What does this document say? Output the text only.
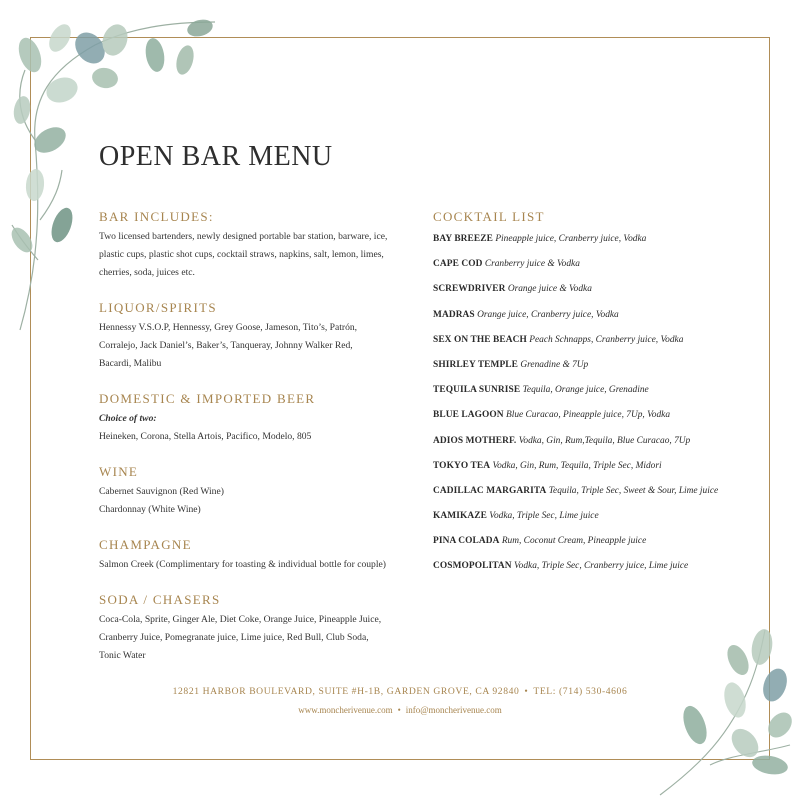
OPEN BAR MENU
BAR INCLUDES:
Two licensed bartenders, newly designed portable bar station, barware, ice,
plastic cups, plastic shot cups, cocktail straws, napkins, salt, lemon, limes,
cherries, soda, juices etc.
LIQUOR/SPIRITS
Hennessy V.S.O.P, Hennessy, Grey Goose, Jameson, Tito’s, Patrón,
Corralejo, Jack Daniel’s, Baker’s, Tanqueray, Johnny Walker Red,
Bacardi, Malibu
DOMESTIC & IMPORTED BEER
Choice of two:
Heineken, Corona, Stella Artois, Pacifico, Modelo, 805
WINE
Cabernet Sauvignon (Red Wine)
Chardonnay (White Wine)
CHAMPAGNE
Salmon Creek (Complimentary for toasting & individual bottle for couple)
SODA / CHASERS
Coca-Cola, Sprite, Ginger Ale, Diet Coke, Orange Juice, Pineapple Juice,
Cranberry Juice, Pomegranate juice, Lime juice, Red Bull, Club Soda,
Tonic Water
COCKTAIL LIST
BAY BREEZE Pineapple juice, Cranberry juice, Vodka
CAPE COD Cranberry juice & Vodka
SCREWDRIVER Orange juice & Vodka
MADRAS Orange juice, Cranberry juice, Vodka
SEX ON THE BEACH Peach Schnapps, Cranberry juice, Vodka
SHIRLEY TEMPLE Grenadine & 7Up
TEQUILA SUNRISE Tequila, Orange juice, Grenadine
BLUE LAGOON Blue Curacao, Pineapple juice, 7Up, Vodka
ADIOS MOTHERF. Vodka, Gin, Rum,Tequila, Blue Curacao, 7Up
TOKYO TEA Vodka, Gin, Rum, Tequila, Triple Sec, Midori
CADILLAC MARGARITA Tequila, Triple Sec, Sweet & Sour, Lime juice
KAMIKAZE Vodka, Triple Sec, Lime juice
PINA COLADA Rum, Coconut Cream, Pineapple juice
COSMOPOLITAN Vodka, Triple Sec, Cranberry juice, Lime juice
12821 HARBOR BOULEVARD, SUITE #H-1B, GARDEN GROVE, CA 92840 • TEL: (714) 530-4606
www.moncherivenue.com • info@moncherivenue.com
